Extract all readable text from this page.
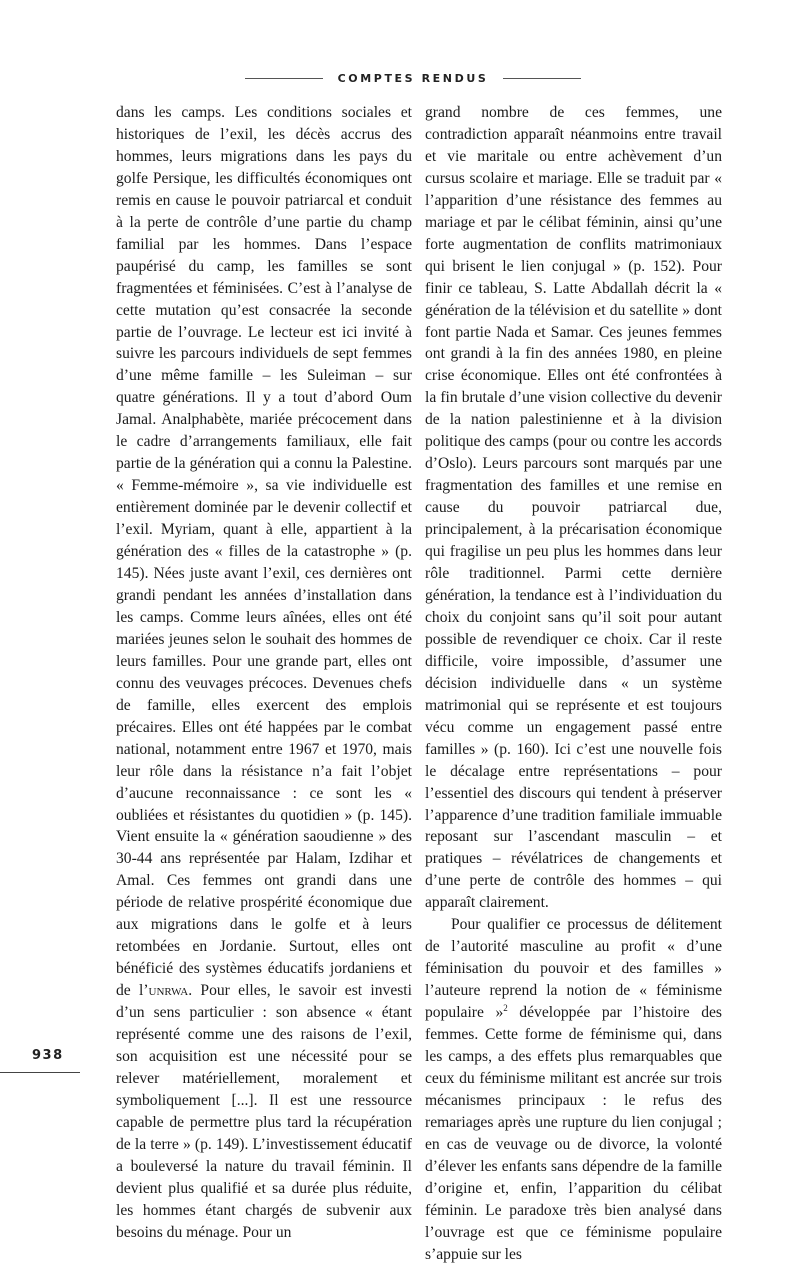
COMPTES RENDUS

dans les camps. Les conditions sociales et historiques de l’exil, les décès accrus des hommes, leurs migrations dans les pays du golfe Persique, les difficultés économiques ont remis en cause le pouvoir patriarcal et conduit à la perte de contrôle d’une partie du champ familial par les hommes. Dans l’espace paupérisé du camp, les familles se sont fragmentées et féminisées. C’est à l’analyse de cette mutation qu’est consacrée la seconde partie de l’ouvrage. Le lecteur est ici invité à suivre les parcours individuels de sept femmes d’une même famille – les Suleiman – sur quatre générations. Il y a tout d’abord Oum Jamal. Analphabète, mariée précocement dans le cadre d’arrangements familiaux, elle fait partie de la génération qui a connu la Palestine. « Femme-mémoire », sa vie individuelle est entièrement dominée par le devenir collectif et l’exil. Myriam, quant à elle, appartient à la génération des « filles de la catastrophe » (p. 145). Nées juste avant l’exil, ces dernières ont grandi pendant les années d’installation dans les camps. Comme leurs aînées, elles ont été mariées jeunes selon le souhait des hommes de leurs familles. Pour une grande part, elles ont connu des veuvages précoces. Devenues chefs de famille, elles exercent des emplois précaires. Elles ont été happées par le combat national, notamment entre 1967 et 1970, mais leur rôle dans la résistance n’a fait l’objet d’aucune reconnaissance : ce sont les « oubliées et résistantes du quotidien » (p. 145). Vient ensuite la « génération saoudienne » des 30-44 ans représentée par Halam, Izdihar et Amal. Ces femmes ont grandi dans une période de relative prospérité économique due aux migrations dans le golfe et à leurs retombées en Jordanie. Surtout, elles ont bénéficié des systèmes éducatifs jordaniens et de l’unrwa. Pour elles, le savoir est investi d’un sens particulier : son absence « étant représenté comme une des raisons de l’exil, son acquisition est une nécessité pour se relever matériellement, moralement et symboliquement [...]. Il est une ressource capable de permettre plus tard la récupération de la terre » (p. 149). L’investissement éducatif a bouleversé la nature du travail féminin. Il devient plus qualifié et sa durée plus réduite, les hommes étant chargés de subvenir aux besoins du ménage. Pour un

grand nombre de ces femmes, une contradiction apparaît néanmoins entre travail et vie maritale ou entre achèvement d’un cursus scolaire et mariage. Elle se traduit par « l’apparition d’une résistance des femmes au mariage et par le célibat féminin, ainsi qu’une forte augmentation de conflits matrimoniaux qui brisent le lien conjugal » (p. 152). Pour finir ce tableau, S. Latte Abdallah décrit la « génération de la télévision et du satellite » dont font partie Nada et Samar. Ces jeunes femmes ont grandi à la fin des années 1980, en pleine crise économique. Elles ont été confrontées à la fin brutale d’une vision collective du devenir de la nation palestinienne et à la division politique des camps (pour ou contre les accords d’Oslo). Leurs parcours sont marqués par une fragmentation des familles et une remise en cause du pouvoir patriarcal due, principalement, à la précarisation économique qui fragilise un peu plus les hommes dans leur rôle traditionnel. Parmi cette dernière génération, la tendance est à l’individuation du choix du conjoint sans qu’il soit pour autant possible de revendiquer ce choix. Car il reste difficile, voire impossible, d’assumer une décision individuelle dans « un système matrimonial qui se représente et est toujours vécu comme un engagement passé entre familles » (p. 160). Ici c’est une nouvelle fois le décalage entre représentations – pour l’essentiel des discours qui tendent à préserver l’apparence d’une tradition familiale immuable reposant sur l’ascendant masculin – et pratiques – révélatrices de changements et d’une perte de contrôle des hommes – qui apparaît clairement.

Pour qualifier ce processus de délitement de l’autorité masculine au profit « d’une féminisation du pouvoir et des familles » l’auteure reprend la notion de « féminisme populaire »$^2$ développée par l’histoire des femmes. Cette forme de féminisme qui, dans les camps, a des effets plus remarquables que ceux du féminisme militant est ancrée sur trois mécanismes principaux : le refus des remariages après une rupture du lien conjugal ; en cas de veuvage ou de divorce, la volonté d’élever les enfants sans dépendre de la famille d’origine et, enfin, l’apparition du célibat féminin. Le paradoxe très bien analysé dans l’ouvrage est que ce féminisme populaire s’appuie sur les

938
